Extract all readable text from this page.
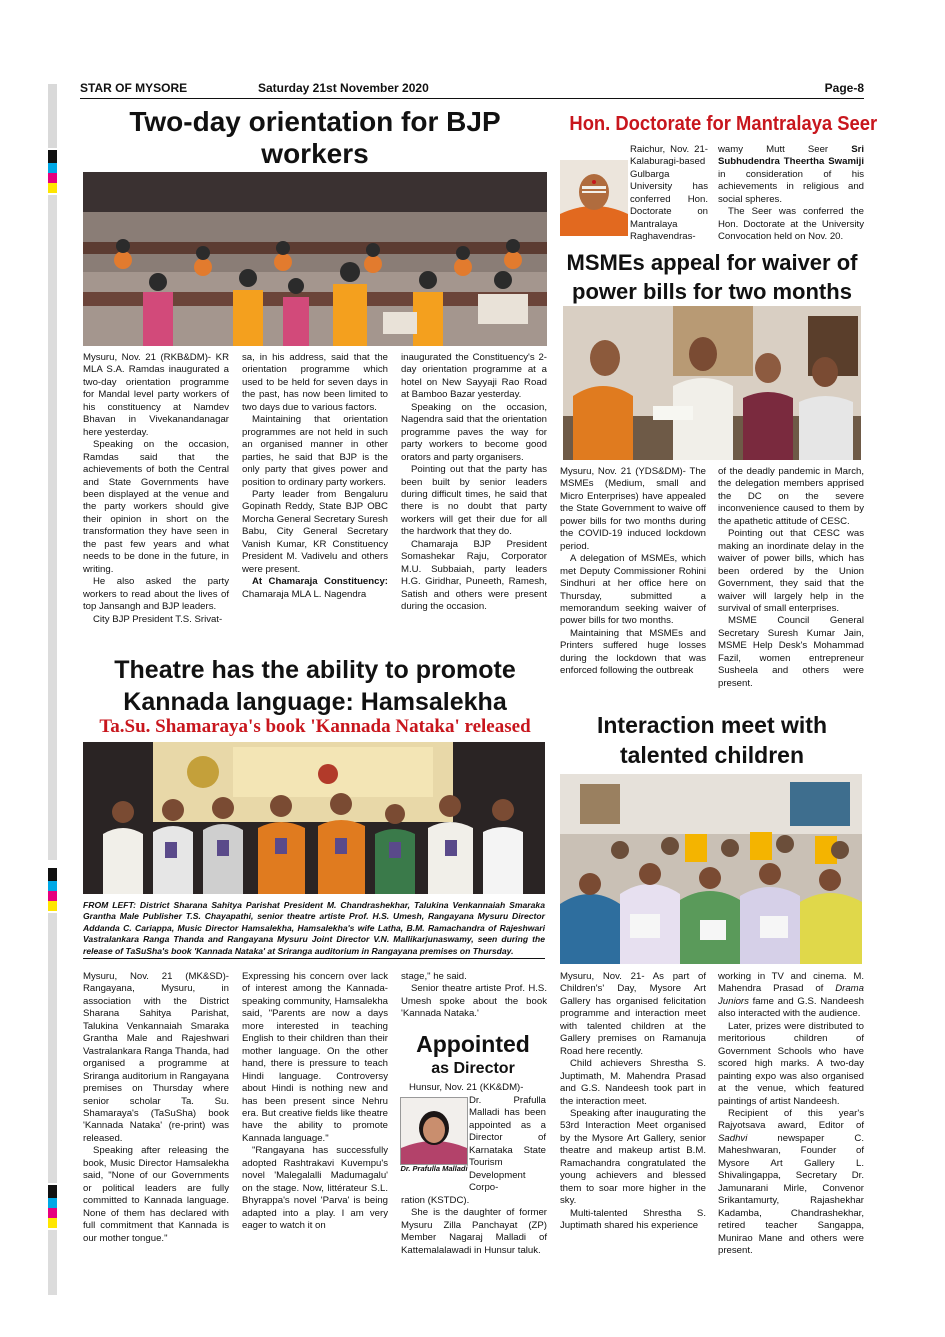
STAR OF MYSORE	Saturday 21st November 2020	Page-8
Two-day orientation for BJP workers

Mysuru, Nov. 21 (RKB&DM)- KR MLA S.A. Ramdas inaugurated a two-day orientation programme for Mandal level party workers of his constituency at Namdev Bhavan in Vivekanandanagar here yesterday.

Speaking on the occasion, Ramdas said that the achievements of both the Central and State Governments have been displayed at the venue and the party workers should give their opinion in short on the transformation they have seen in the past few years and what needs to be done in the future, in writing.

He also asked the party workers to read about the lives of top Jansangh and BJP leaders.

City BJP President T.S. Srivat-

sa, in his address, said that the orientation programme which used to be held for seven days in the past, has now been limited to two days due to various factors.

Maintaining that orientation programmes are not held in such an organised manner in other parties, he said that BJP is the only party that gives power and position to ordinary party workers.

Party leader from Bengaluru Gopinath Reddy, State BJP OBC Morcha General Secretary Suresh Babu, City General Secretary Vanish Kumar, KR Constituency President M. Vadivelu and others were present.

At Chamaraja Constituency: Chamaraja MLA L. Nagendra

inaugurated the Constituency's 2-day orientation programme at a hotel on New Sayyaji Rao Road at Bamboo Bazar yesterday.

Speaking on the occasion, Nagendra said that the orientation programme paves the way for party workers to become good orators and party organisers.

Pointing out that the party has been built by senior leaders during difficult times, he said that there is no doubt that party workers will get their due for all the hardwork that they do.

Chamaraja BJP President Somashekar Raju, Corporator M.U. Subbaiah, party leaders H.G. Giridhar, Puneeth, Ramesh, Satish and others were present during the occasion.

Hon. Doctorate for Mantralaya Seer

Raichur, Nov. 21- Kalaburagi-based Gulbarga University has conferred Hon. Doctorate on Mantralaya Raghavendras-

wamy Mutt Seer Sri Subhudendra Theertha Swamiji in consideration of his achievements in religious and social spheres.

The Seer was conferred the Hon. Doctorate at the University Convocation held on Nov. 20.

MSMEs appeal for waiver of
power bills for two months

Mysuru, Nov. 21 (YDS&DM)- The MSMEs (Medium, small and Micro Enterprises) have appealed the State Government to waive off power bills for two months during the COVID-19 induced lockdown period.

A delegation of MSMEs, which met Deputy Commissioner Rohini Sindhuri at her office here on Thursday, submitted a memorandum seeking waiver of power bills for two months.

Maintaining that MSMEs and Printers suffered huge losses during the lockdown that was enforced following the outbreak

of the deadly pandemic in March, the delegation members apprised the DC on the severe inconvenience caused to them by the apathetic attitude of CESC.

Pointing out that CESC was making an inordinate delay in the waiver of power bills, which has been ordered by the Union Government, they said that the waiver will largely help in the survival of small enterprises.

MSME Council General Secretary Suresh Kumar Jain, MSME Help Desk's Mohammad Fazil, women entrepreneur Susheela and others were present.

Theatre has the ability to promote
Kannada language: Hamsalekha
Ta.Su. Shamaraya's book 'Kannada Nataka' released
FROM LEFT: District Sharana Sahitya Parishat President M. Chandrashekhar, Talukina Venkannaiah Smaraka Grantha Male Publisher T.S. Chayapathi, senior theatre artiste Prof. H.S. Umesh, Rangayana Mysuru Director Addanda C. Cariappa, Music Director Hamsalekha, Hamsalekha's wife Latha, B.M. Ramachandra of Rajeshwari Vastralankara Ranga Thanda and Rangayana Mysuru Joint Director V.N. Mallikarjunaswamy, seen during the release of TaSuSha's book 'Kannada Nataka' at Sriranga auditorium in Rangayana premises on Thursday.

Mysuru, Nov. 21 (MK&SD)- Rangayana, Mysuru, in association with the District Sharana Sahitya Parishat, Talukina Venkannaiah Smaraka Grantha Male and Rajeshwari Vastralankara Ranga Thanda, had organised a programme at Sriranga auditorium in Rangayana premises on Thursday where senior scholar Ta. Su. Shamaraya's (TaSuSha) book 'Kannada Nataka' (re-print) was released.

Speaking after releasing the book, Music Director Hamsalekha said, "None of our Governments or political leaders are fully committed to Kannada language. None of them has declared with full commitment that Kannada is our mother tongue."

Expressing his concern over lack of interest among the Kannada-speaking community, Hamsalekha said, "Parents are now a days more interested in teaching English to their children than their mother language. On the other hand, there is pressure to teach Hindi language. Controversy about Hindi is nothing new and has been present since Nehru era. But creative fields like theatre have the ability to promote Kannada language."

"Rangayana has successfully adopted Rashtrakavi Kuvempu's novel 'Malegalalli Madumagalu' on the stage. Now, littérateur S.L. Bhyrappa's novel 'Parva' is being adapted into a play. I am very eager to watch it on

stage," he said.

Senior theatre artiste Prof. H.S. Umesh spoke about the book 'Kannada Nataka.'

Appointed
as Director
Hunsur, Nov. 21 (KK&DM)-
Dr. Prafulla Malladi
Dr. Prafulla Malladi has been appointed as a Director of Karnataka State Tourism Development Corpo-

ration (KSTDC).

She is the daughter of former Mysuru Zilla Panchayat (ZP) Member Nagaraj Malladi of Kattemalalawadi in Hunsur taluk.

Interaction meet with
talented children

Mysuru, Nov. 21- As part of Children's' Day, Mysore Art Gallery has organised felicitation programme and interaction meet with talented children at the Gallery premises on Ramanuja Road here recently.

Child achievers Shrestha S. Juptimath, M. Mahendra Prasad and G.S. Nandeesh took part in the interaction meet.

Speaking after inaugurating the 53rd Interaction Meet organised by the Mysore Art Gallery, senior theatre and makeup artist B.M. Ramachandra congratulated the young achievers and blessed them to soar more higher in the sky.

Multi-talented Shrestha S. Juptimath shared his experience

working in TV and cinema. M. Mahendra Prasad of Drama Juniors fame and G.S. Nandeesh also interacted with the audience.

Later, prizes were distributed to meritorious children of Government Schools who have scored high marks. A two-day painting expo was also organised at the venue, which featured paintings of artist Nandeesh.

Recipient of this year's Rajyotsava award, Editor of Sadhvi	newspaper C. Maheshwaran, Founder of Mysore Art Gallery L. Shivalingappa, Secretary Dr. Jamunarani Mirle, Convenor Srikantamurty, Rajashekhar Kadamba, Chandrashekhar, retired teacher Sangappa, Munirao Mane and others were present.
